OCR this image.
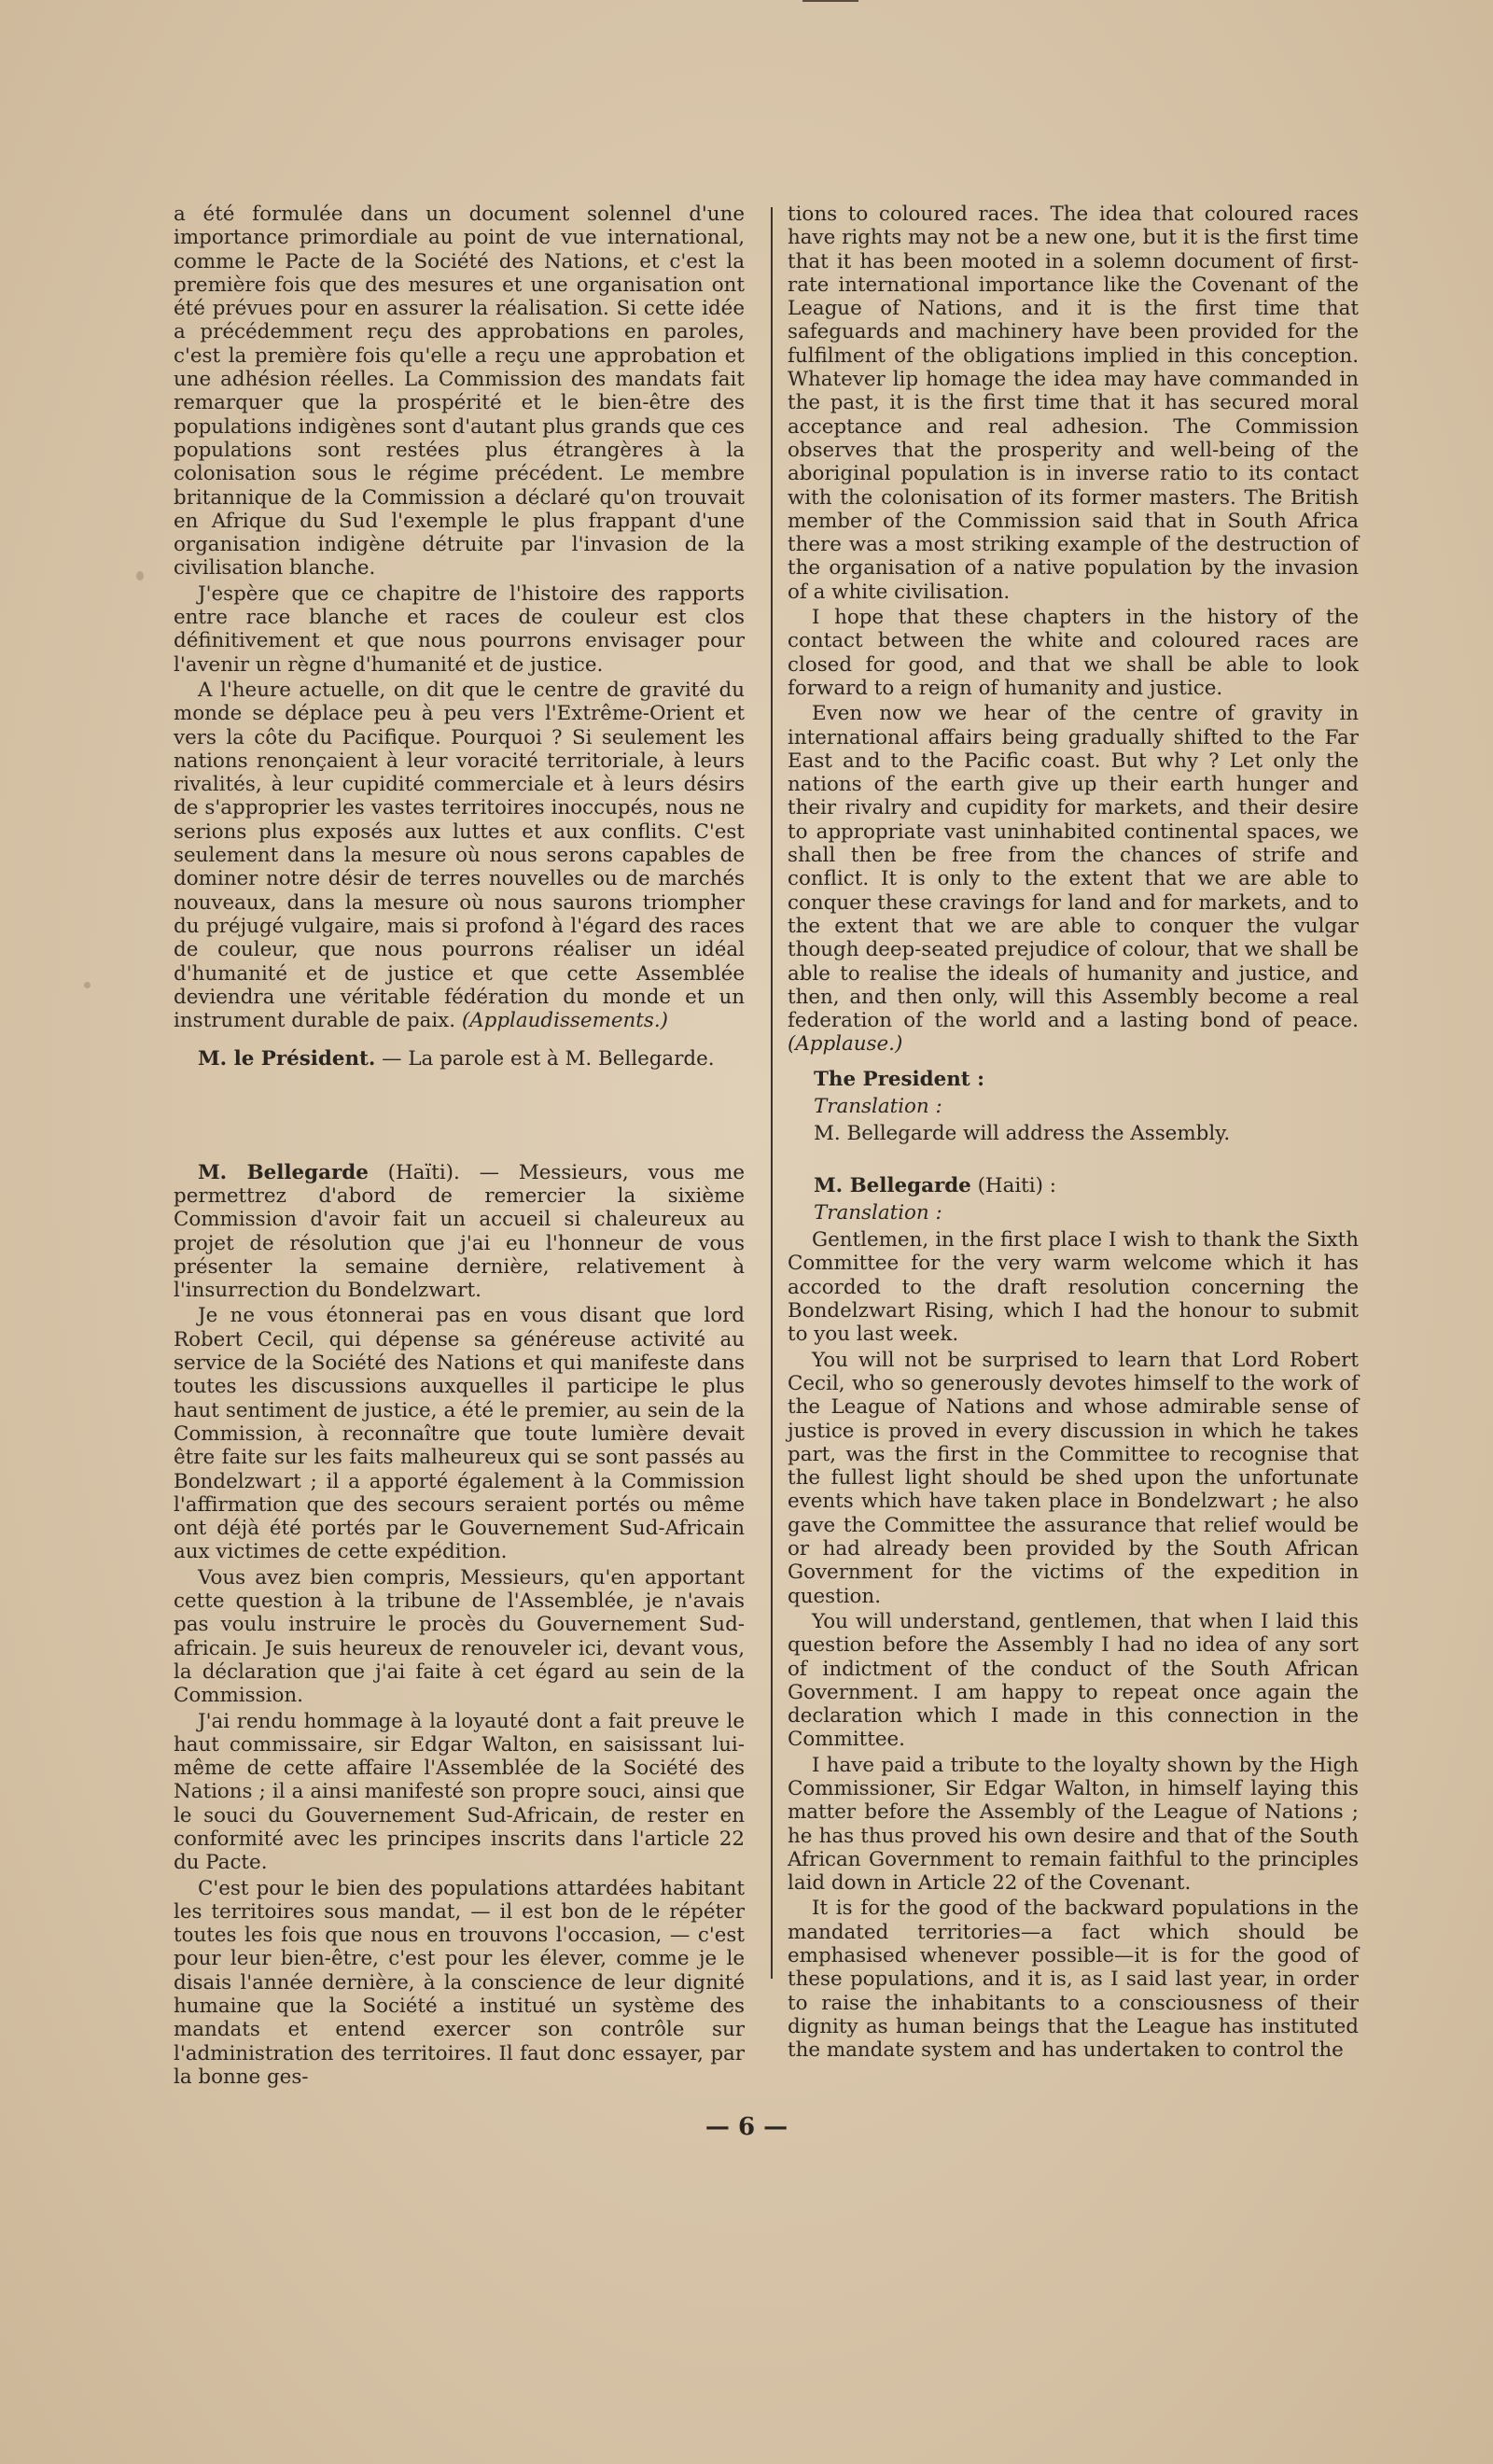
a été formulée dans un document solennel d'une importance primordiale au point de vue international, comme le Pacte de la Société des Nations, et c'est la première fois que des mesures et une organisation ont été prévues pour en assurer la réalisation. Si cette idée a précédemment reçu des approbations en paroles, c'est la première fois qu'elle a reçu une approbation et une adhésion réelles. La Commission des mandats fait remarquer que la prospérité et le bien-être des populations indigènes sont d'autant plus grands que ces populations sont restées plus étrangères à la colonisation sous le régime précédent. Le membre britannique de la Commission a déclaré qu'on trouvait en Afrique du Sud l'exemple le plus frappant d'une organisation indigène détruite par l'invasion de la civilisation blanche.

J'espère que ce chapitre de l'histoire des rapports entre race blanche et races de couleur est clos définitivement et que nous pourrons envisager pour l'avenir un règne d'humanité et de justice.

A l'heure actuelle, on dit que le centre de gravité du monde se déplace peu à peu vers l'Extrême-Orient et vers la côte du Pacifique. Pourquoi ? Si seulement les nations renonçaient à leur voracité territoriale, à leurs rivalités, à leur cupidité commerciale et à leurs désirs de s'approprier les vastes territoires inoccupés, nous ne serions plus exposés aux luttes et aux conflits. C'est seulement dans la mesure où nous serons capables de dominer notre désir de terres nouvelles ou de marchés nouveaux, dans la mesure où nous saurons triompher du préjugé vulgaire, mais si profond à l'égard des races de couleur, que nous pourrons réaliser un idéal d'humanité et de justice et que cette Assemblée deviendra une véritable fédération du monde et un instrument durable de paix. (Applaudissements.)

M. le Président. — La parole est à M. Bellegarde.

M. Bellegarde (Haïti). — Messieurs, vous me permettrez d'abord de remercier la sixième Commission d'avoir fait un accueil si chaleureux au projet de résolution que j'ai eu l'honneur de vous présenter la semaine dernière, relativement à l'insurrection du Bondelzwart.

Je ne vous étonnerai pas en vous disant que lord Robert Cecil, qui dépense sa généreuse activité au service de la Société des Nations et qui manifeste dans toutes les discussions auxquelles il participe le plus haut sentiment de justice, a été le premier, au sein de la Commission, à reconnaître que toute lumière devait être faite sur les faits malheureux qui se sont passés au Bondelzwart ; il a apporté également à la Commission l'affirmation que des secours seraient portés ou même ont déjà été portés par le Gouvernement Sud-Africain aux victimes de cette expédition.

Vous avez bien compris, Messieurs, qu'en apportant cette question à la tribune de l'Assemblée, je n'avais pas voulu instruire le procès du Gouvernement Sud-africain. Je suis heureux de renouveler ici, devant vous, la déclaration que j'ai faite à cet égard au sein de la Commission.

J'ai rendu hommage à la loyauté dont a fait preuve le haut commissaire, sir Edgar Walton, en saisissant lui-même de cette affaire l'Assemblée de la Société des Nations ; il a ainsi manifesté son propre souci, ainsi que le souci du Gouvernement Sud-Africain, de rester en conformité avec les principes inscrits dans l'article 22 du Pacte.

C'est pour le bien des populations attardées habitant les territoires sous mandat, — il est bon de le répéter toutes les fois que nous en trouvons l'occasion, — c'est pour leur bien-être, c'est pour les élever, comme je le disais l'année dernière, à la conscience de leur dignité humaine que la Société a institué un système des mandats et entend exercer son contrôle sur l'administration des territoires. Il faut donc essayer, par la bonne ges-

tions to coloured races. The idea that coloured races have rights may not be a new one, but it is the first time that it has been mooted in a solemn document of first-rate international importance like the Covenant of the League of Nations, and it is the first time that safeguards and machinery have been provided for the fulfilment of the obligations implied in this conception. Whatever lip homage the idea may have commanded in the past, it is the first time that it has secured moral acceptance and real adhesion. The Commission observes that the prosperity and well-being of the aboriginal population is in inverse ratio to its contact with the colonisation of its former masters. The British member of the Commission said that in South Africa there was a most striking example of the destruction of the organisation of a native population by the invasion of a white civilisation.

I hope that these chapters in the history of the contact between the white and coloured races are closed for good, and that we shall be able to look forward to a reign of humanity and justice.

Even now we hear of the centre of gravity in international affairs being gradually shifted to the Far East and to the Pacific coast. But why ? Let only the nations of the earth give up their earth hunger and their rivalry and cupidity for markets, and their desire to appropriate vast uninhabited continental spaces, we shall then be free from the chances of strife and conflict. It is only to the extent that we are able to conquer these cravings for land and for markets, and to the extent that we are able to conquer the vulgar though deep-seated prejudice of colour, that we shall be able to realise the ideals of humanity and justice, and then, and then only, will this Assembly become a real federation of the world and a lasting bond of peace. (Applause.)

The President :
Translation :
M. Bellegarde will address the Assembly.
M. Bellegarde (Haiti) :
Translation :

Gentlemen, in the first place I wish to thank the Sixth Committee for the very warm welcome which it has accorded to the draft resolution concerning the Bondelzwart Rising, which I had the honour to submit to you last week.

You will not be surprised to learn that Lord Robert Cecil, who so generously devotes himself to the work of the League of Nations and whose admirable sense of justice is proved in every discussion in which he takes part, was the first in the Committee to recognise that the fullest light should be shed upon the unfortunate events which have taken place in Bondelzwart ; he also gave the Committee the assurance that relief would be or had already been provided by the South African Government for the victims of the expedition in question.

You will understand, gentlemen, that when I laid this question before the Assembly I had no idea of any sort of indictment of the conduct of the South African Government. I am happy to repeat once again the declaration which I made in this connection in the Committee.

I have paid a tribute to the loyalty shown by the High Commissioner, Sir Edgar Walton, in himself laying this matter before the Assembly of the League of Nations ; he has thus proved his own desire and that of the South African Government to remain faithful to the principles laid down in Article 22 of the Covenant.

It is for the good of the backward populations in the mandated territories—a fact which should be emphasised whenever possible—it is for the good of these populations, and it is, as I said last year, in order to raise the inhabitants to a consciousness of their dignity as human beings that the League has instituted the mandate system and has undertaken to control the

— 6 —
